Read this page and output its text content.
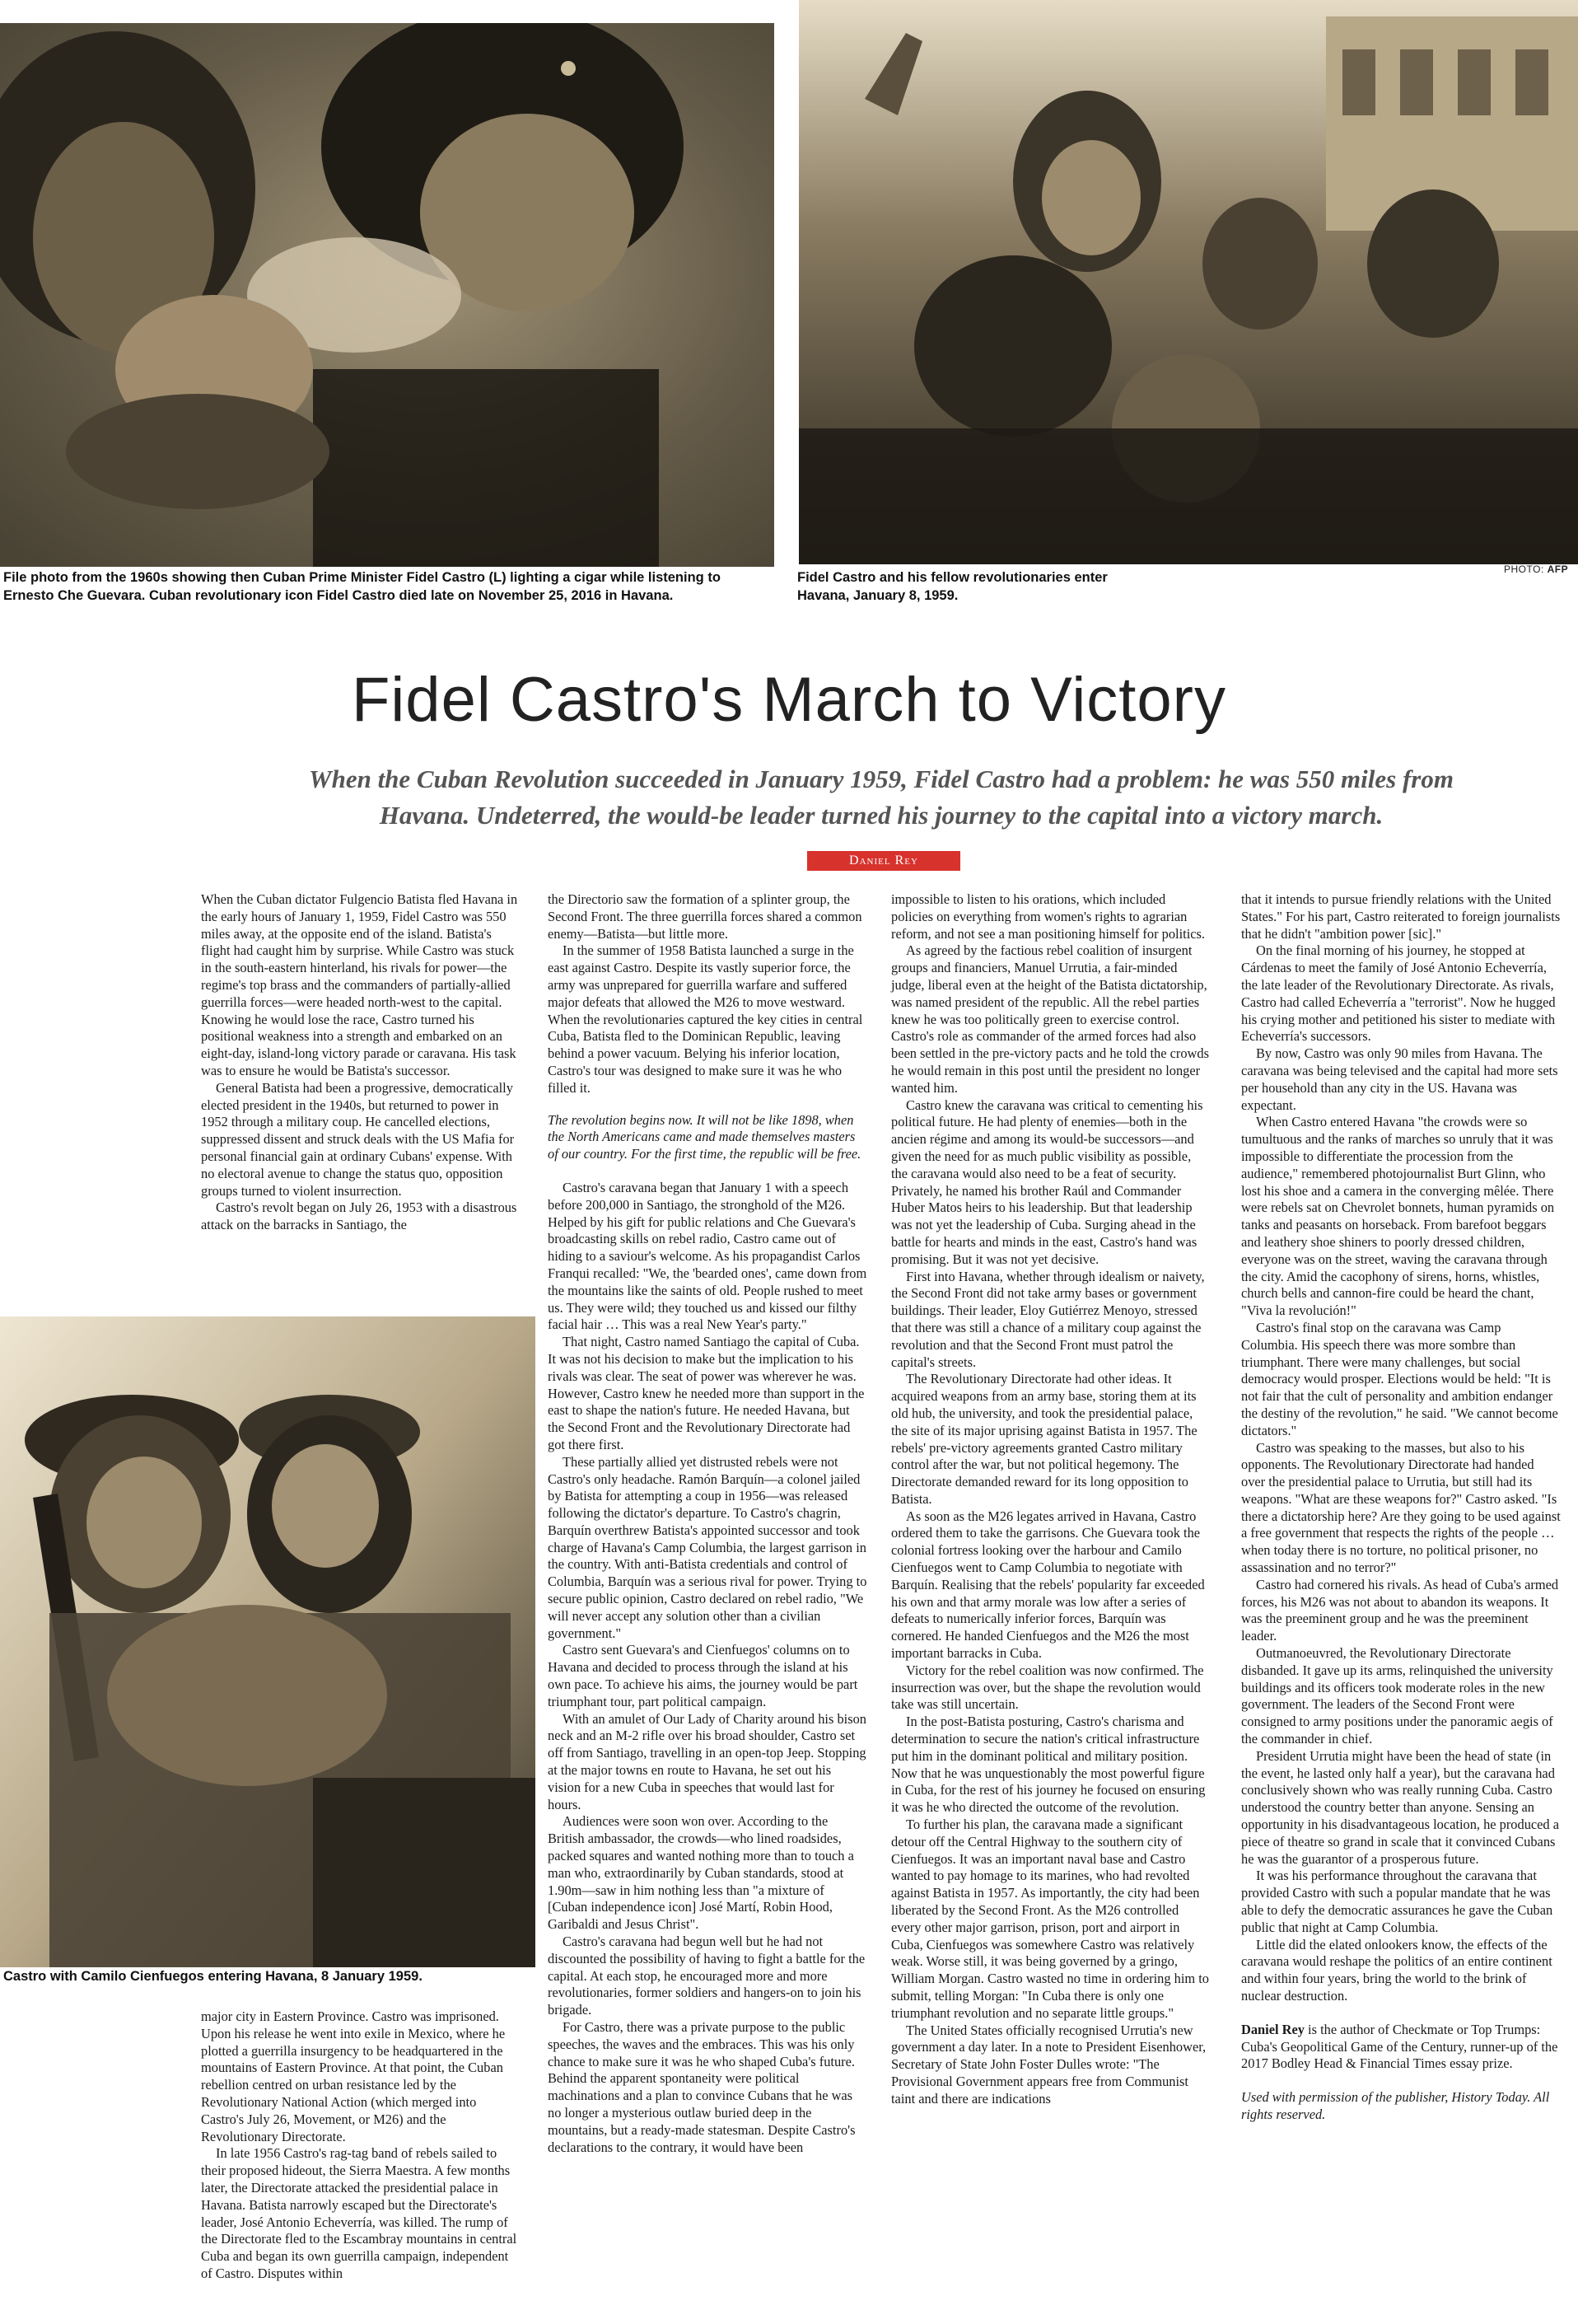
File photo from the 1960s showing then Cuban Prime Minister Fidel Castro (L) lighting a cigar while listening to Ernesto Che Guevara. Cuban revolutionary icon Fidel Castro died late on November 25, 2016 in Havana.
Fidel Castro and his fellow revolutionaries enter Havana, January 8, 1959.
PHOTO: AFP
Fidel Castro's March to Victory

When the Cuban Revolution succeeded in January 1959, Fidel Castro had a problem: he was 550 miles from Havana. Undeterred, the would-be leader turned his journey to the capital into a victory march.

Daniel Rey

When the Cuban dictator Fulgencio Batista fled Havana in the early hours of January 1, 1959, Fidel Castro was 550 miles away, at the opposite end of the island. Batista's flight had caught him by surprise. While Castro was stuck in the south-eastern hinterland, his rivals for power—the regime's top brass and the commanders of partially-allied guerrilla forces—were headed north-west to the capital. Knowing he would lose the race, Castro turned his positional weakness into a strength and embarked on an eight-day, island-long victory parade or caravana. His task was to ensure he would be Batista's successor.

General Batista had been a progressive, democratically elected president in the 1940s, but returned to power in 1952 through a military coup. He cancelled elections, suppressed dissent and struck deals with the US Mafia for personal financial gain at ordinary Cubans' expense. With no electoral avenue to change the status quo, opposition groups turned to violent insurrection.

Castro's revolt began on July 26, 1953 with a disastrous attack on the barracks in Santiago, the

Castro with Camilo Cienfuegos entering Havana, 8 January 1959.

major city in Eastern Province. Castro was imprisoned. Upon his release he went into exile in Mexico, where he plotted a guerrilla insurgency to be headquartered in the mountains of Eastern Province. At that point, the Cuban rebellion centred on urban resistance led by the Revolutionary National Action (which merged into Castro's July 26, Movement, or M26) and the Revolutionary Directorate.

In late 1956 Castro's rag-tag band of rebels sailed to their proposed hideout, the Sierra Maestra. A few months later, the Directorate attacked the presidential palace in Havana. Batista narrowly escaped but the Directorate's leader, José Antonio Echeverría, was killed. The rump of the Directorate fled to the Escambray mountains in central Cuba and began its own guerrilla campaign, independent of Castro. Disputes within

the Directorio saw the formation of a splinter group, the Second Front. The three guerrilla forces shared a common enemy—Batista—but little more.

In the summer of 1958 Batista launched a surge in the east against Castro. Despite its vastly superior force, the army was unprepared for guerrilla warfare and suffered major defeats that allowed the M26 to move westward. When the revolutionaries captured the key cities in central Cuba, Batista fled to the Dominican Republic, leaving behind a power vacuum. Belying his inferior location, Castro's tour was designed to make sure it was he who filled it.

The revolution begins now. It will not be like 1898, when the North Americans came and made themselves masters of our country. For the first time, the republic will be free.

Castro's caravana began that January 1 with a speech before 200,000 in Santiago, the stronghold of the M26. Helped by his gift for public relations and Che Guevara's broadcasting skills on rebel radio, Castro came out of hiding to a saviour's welcome. As his propagandist Carlos Franqui recalled: "We, the 'bearded ones', came down from the mountains like the saints of old. People rushed to meet us. They were wild; they touched us and kissed our filthy facial hair … This was a real New Year's party."

That night, Castro named Santiago the capital of Cuba. It was not his decision to make but the implication to his rivals was clear. The seat of power was wherever he was. However, Castro knew he needed more than support in the east to shape the nation's future. He needed Havana, but the Second Front and the Revolutionary Directorate had got there first.

These partially allied yet distrusted rebels were not Castro's only headache. Ramón Barquín—a colonel jailed by Batista for attempting a coup in 1956—was released following the dictator's departure. To Castro's chagrin, Barquín overthrew Batista's appointed successor and took charge of Havana's Camp Columbia, the largest garrison in the country. With anti-Batista credentials and control of Columbia, Barquín was a serious rival for power. Trying to secure public opinion, Castro declared on rebel radio, "We will never accept any solution other than a civilian government."

Castro sent Guevara's and Cienfuegos' columns on to Havana and decided to process through the island at his own pace. To achieve his aims, the journey would be part triumphant tour, part political campaign.

With an amulet of Our Lady of Charity around his bison neck and an M-2 rifle over his broad shoulder, Castro set off from Santiago, travelling in an open-top Jeep. Stopping at the major towns en route to Havana, he set out his vision for a new Cuba in speeches that would last for hours.

Audiences were soon won over. According to the British ambassador, the crowds—who lined roadsides, packed squares and wanted nothing more than to touch a man who, extraordinarily by Cuban standards, stood at 1.90m—saw in him nothing less than "a mixture of [Cuban independence icon] José Martí, Robin Hood, Garibaldi and Jesus Christ".

Castro's caravana had begun well but he had not discounted the possibility of having to fight a battle for the capital. At each stop, he encouraged more and more revolutionaries, former soldiers and hangers-on to join his brigade.

For Castro, there was a private purpose to the public speeches, the waves and the embraces. This was his only chance to make sure it was he who shaped Cuba's future. Behind the apparent spontaneity were political machinations and a plan to convince Cubans that he was no longer a mysterious outlaw buried deep in the mountains, but a ready-made statesman. Despite Castro's declarations to the contrary, it would have been

impossible to listen to his orations, which included policies on everything from women's rights to agrarian reform, and not see a man positioning himself for politics.

As agreed by the factious rebel coalition of insurgent groups and financiers, Manuel Urrutia, a fair-minded judge, liberal even at the height of the Batista dictatorship, was named president of the republic. All the rebel parties knew he was too politically green to exercise control. Castro's role as commander of the armed forces had also been settled in the pre-victory pacts and he told the crowds he would remain in this post until the president no longer wanted him.

Castro knew the caravana was critical to cementing his political future. He had plenty of enemies—both in the ancien régime and among its would-be successors—and given the need for as much public visibility as possible, the caravana would also need to be a feat of security. Privately, he named his brother Raúl and Commander Huber Matos heirs to his leadership. But that leadership was not yet the leadership of Cuba. Surging ahead in the battle for hearts and minds in the east, Castro's hand was promising. But it was not yet decisive.

First into Havana, whether through idealism or naivety, the Second Front did not take army bases or government buildings. Their leader, Eloy Gutiérrez Menoyo, stressed that there was still a chance of a military coup against the revolution and that the Second Front must patrol the capital's streets.

The Revolutionary Directorate had other ideas. It acquired weapons from an army base, storing them at its old hub, the university, and took the presidential palace, the site of its major uprising against Batista in 1957. The rebels' pre-victory agreements granted Castro military control after the war, but not political hegemony. The Directorate demanded reward for its long opposition to Batista.

As soon as the M26 legates arrived in Havana, Castro ordered them to take the garrisons. Che Guevara took the colonial fortress looking over the harbour and Camilo Cienfuegos went to Camp Columbia to negotiate with Barquín. Realising that the rebels' popularity far exceeded his own and that army morale was low after a series of defeats to numerically inferior forces, Barquín was cornered. He handed Cienfuegos and the M26 the most important barracks in Cuba.

Victory for the rebel coalition was now confirmed. The insurrection was over, but the shape the revolution would take was still uncertain.

In the post-Batista posturing, Castro's charisma and determination to secure the nation's critical infrastructure put him in the dominant political and military position. Now that he was unquestionably the most powerful figure in Cuba, for the rest of his journey he focused on ensuring it was he who directed the outcome of the revolution.

To further his plan, the caravana made a significant detour off the Central Highway to the southern city of Cienfuegos. It was an important naval base and Castro wanted to pay homage to its marines, who had revolted against Batista in 1957. As importantly, the city had been liberated by the Second Front. As the M26 controlled every other major garrison, prison, port and airport in Cuba, Cienfuegos was somewhere Castro was relatively weak. Worse still, it was being governed by a gringo, William Morgan. Castro wasted no time in ordering him to submit, telling Morgan: "In Cuba there is only one triumphant revolution and no separate little groups."

The United States officially recognised Urrutia's new government a day later. In a note to President Eisenhower, Secretary of State John Foster Dulles wrote: "The Provisional Government appears free from Communist taint and there are indications

that it intends to pursue friendly relations with the United States." For his part, Castro reiterated to foreign journalists that he didn't "ambition power [sic]."

On the final morning of his journey, he stopped at Cárdenas to meet the family of José Antonio Echeverría, the late leader of the Revolutionary Directorate. As rivals, Castro had called Echeverría a "terrorist". Now he hugged his crying mother and petitioned his sister to mediate with Echeverría's successors.

By now, Castro was only 90 miles from Havana. The caravana was being televised and the capital had more sets per household than any city in the US. Havana was expectant.

When Castro entered Havana "the crowds were so tumultuous and the ranks of marches so unruly that it was impossible to differentiate the procession from the audience," remembered photojournalist Burt Glinn, who lost his shoe and a camera in the converging mêlée. There were rebels sat on Chevrolet bonnets, human pyramids on tanks and peasants on horseback. From barefoot beggars and leathery shoe shiners to poorly dressed children, everyone was on the street, waving the caravana through the city. Amid the cacophony of sirens, horns, whistles, church bells and cannon-fire could be heard the chant, "Viva la revolución!"

Castro's final stop on the caravana was Camp Columbia. His speech there was more sombre than triumphant. There were many challenges, but social democracy would prosper. Elections would be held: "It is not fair that the cult of personality and ambition endanger the destiny of the revolution," he said. "We cannot become dictators."

Castro was speaking to the masses, but also to his opponents. The Revolutionary Directorate had handed over the presidential palace to Urrutia, but still had its weapons. "What are these weapons for?" Castro asked. "Is there a dictatorship here? Are they going to be used against a free government that respects the rights of the people … when today there is no torture, no political prisoner, no assassination and no terror?"

Castro had cornered his rivals. As head of Cuba's armed forces, his M26 was not about to abandon its weapons. It was the preeminent group and he was the preeminent leader.

Outmanoeuvred, the Revolutionary Directorate disbanded. It gave up its arms, relinquished the university buildings and its officers took moderate roles in the new government. The leaders of the Second Front were consigned to army positions under the panoramic aegis of the commander in chief.

President Urrutia might have been the head of state (in the event, he lasted only half a year), but the caravana had conclusively shown who was really running Cuba. Castro understood the country better than anyone. Sensing an opportunity in his disadvantageous location, he produced a piece of theatre so grand in scale that it convinced Cubans he was the guarantor of a prosperous future.

It was his performance throughout the caravana that provided Castro with such a popular mandate that he was able to defy the democratic assurances he gave the Cuban public that night at Camp Columbia.

Little did the elated onlookers know, the effects of the caravana would reshape the politics of an entire continent and within four years, bring the world to the brink of nuclear destruction.

Daniel Rey is the author of Checkmate or Top Trumps: Cuba's Geopolitical Game of the Century, runner-up of the 2017 Bodley Head & Financial Times essay prize.

Used with permission of the publisher, History Today. All rights reserved.
